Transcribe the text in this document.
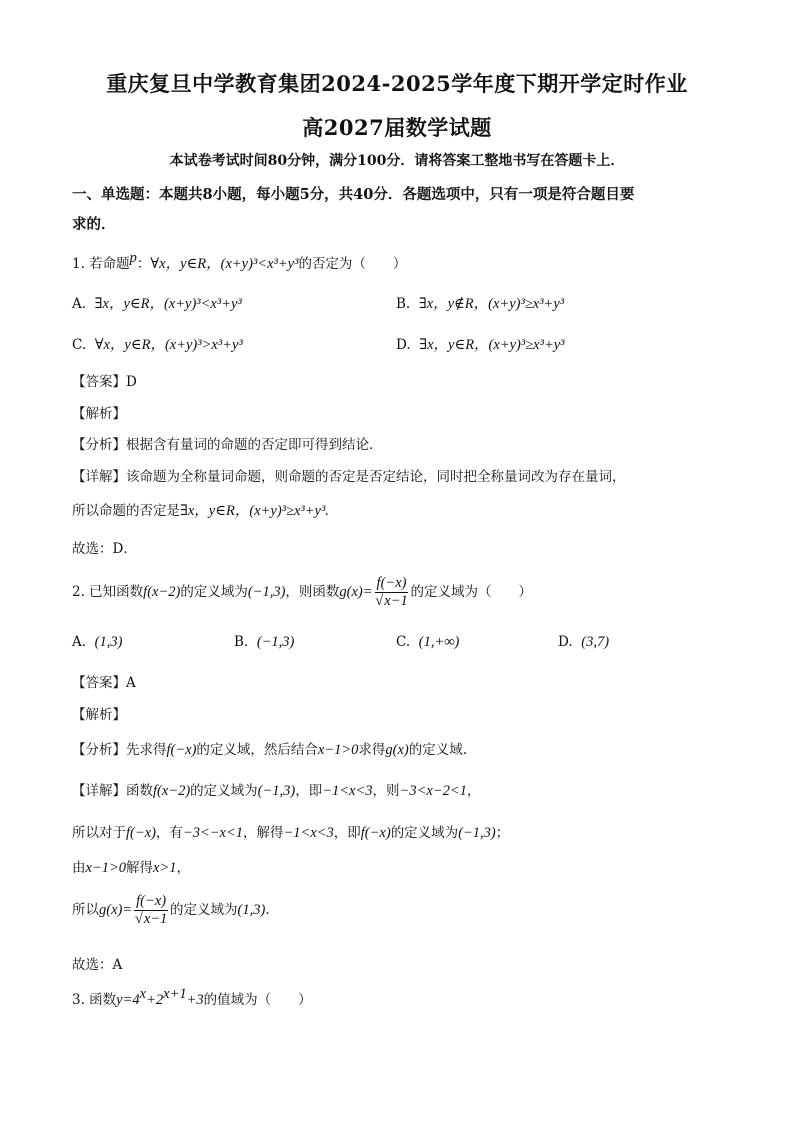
重庆复旦中学教育集团2024-2025学年度下期开学定时作业
高2027届数学试题
本试卷考试时间80分钟，满分100分．请将答案工整地书写在答题卡上．
一、单选题：本题共8小题，每小题5分，共40分．各题选项中，只有一项是符合题目要
求的．
1. 若命题$^p$：∀x，y∈R，(x+y)³<x³+y³的否定为（　　）
A. ∃x，y∈R，(x+y)³<x³+y³	B. ∃x，y∉R，(x+y)³≥x³+y³
C. ∀x，y∈R，(x+y)³>x³+y³	D. ∃x，y∈R，(x+y)³≥x³+y³
【答案】D
【解析】
【分析】根据含有量词的命题的否定即可得到结论．
【详解】该命题为全称量词命题，则命题的否定是否定结论，同时把全称量词改为存在量词，
所以命题的否定是∃x，y∈R，(x+y)³≥x³+y³.
故选：D．
2. 已知函数f(x−2)的定义域为(−1,3)，则函数$g(x)= \frac{f(-x)}{√x-1}$ 的定义域为（　　）
A. (1,3)	B. (−1,3)	C. (1,+∞)	D. (3,7)
【答案】A
【解析】
【分析】先求得f(−x)的定义域，然后结合x−1>0求得g(x)的定义域.
【详解】函数f(x−2)的定义域为(−1,3)，即−1<x<3，则−3<x−2<1，
所以对于f(−x)，有−3<−x<1，解得−1<x<3，即f(−x)的定义域为(−1,3)；
由x−1>0解得x>1，
所以$g(x)= \frac{f(-x)}{√x-1}$ 的定义域为(1,3).
故选：A
3. 函数$y=4^x+2^{x+1}+3$的值域为（　　）
